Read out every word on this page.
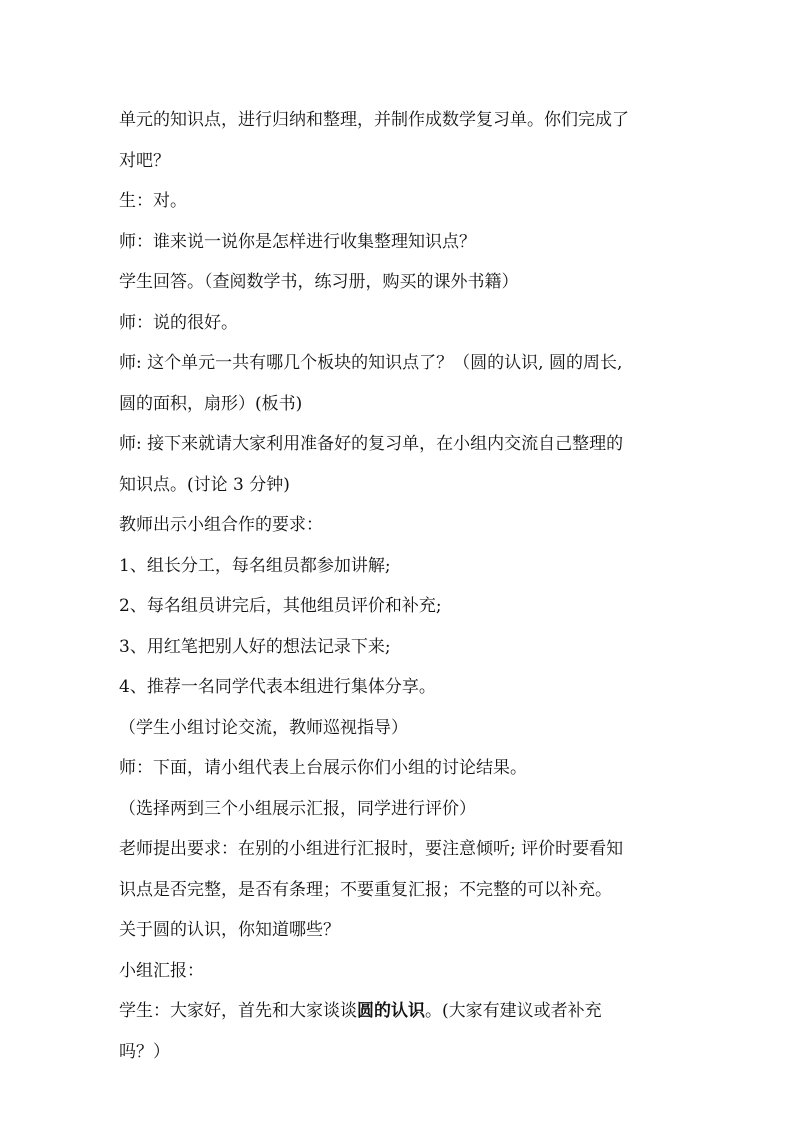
单元的知识点，进行归纳和整理，并制作成数学复习单。你们完成了
对吧？
生：对。
师：谁来说一说你是怎样进行收集整理知识点？
学生回答。（查阅数学书，练习册，购买的课外书籍）
师：说的很好。
师: 这个单元一共有哪几个板块的知识点了？（圆的认识, 圆的周长,
圆的面积，扇形）(板书)
师: 接下来就请大家利用准备好的复习单，在小组内交流自己整理的
知识点。(讨论 3 分钟)
教师出示小组合作的要求：
1、组长分工，每名组员都参加讲解;
2、每名组员讲完后，其他组员评价和补充;
3、用红笔把别人好的想法记录下来;
4、推荐一名同学代表本组进行集体分享。
（学生小组讨论交流，教师巡视指导）
师：下面，请小组代表上台展示你们小组的讨论结果。
（选择两到三个小组展示汇报，同学进行评价）
老师提出要求：在别的小组进行汇报时，要注意倾听; 评价时要看知
识点是否完整，是否有条理；不要重复汇报；不完整的可以补充。
关于圆的认识，你知道哪些？
小组汇报：
学生：大家好，首先和大家谈谈圆的认识。(大家有建议或者补充
吗？）
